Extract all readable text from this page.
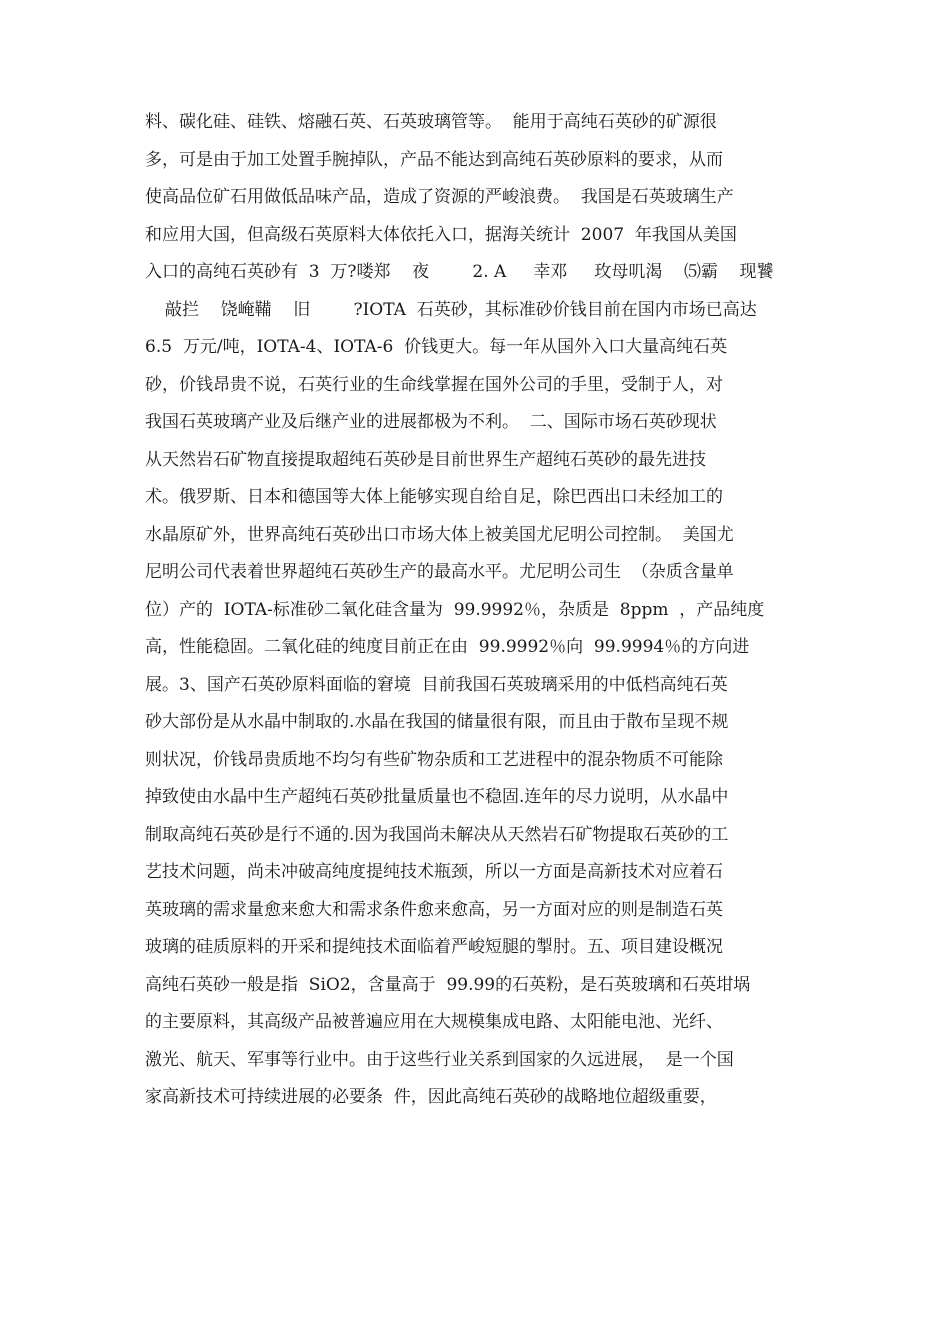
料、碳化硅、硅铁、熔融石英、石英玻璃管等。  能用于高纯石英砂的矿源很
多，可是由于加工处置手腕掉队，产品不能达到高纯石英砂原料的要求，从而
使高品位矿石用做低品味产品，造成了资源的严峻浪费。  我国是石英玻璃生产
和应用大国，但高级石英原料大体依托入口，据海关统计  2007  年我国从美国
入口的高纯石英砂有  3  万?喽郑    夜        2. A     幸邓     玫母叽渴    ⑸霸    现饕
敲拦    饶崦鞴    旧        ?IOTA  石英砂，其标准砂价钱目前在国内市场已高达
6.5  万元/吨，IOTA-4、IOTA-6  价钱更大。每一年从国外入口大量高纯石英
砂，价钱昂贵不说，石英行业的生命线掌握在国外公司的手里，受制于人，对
我国石英玻璃产业及后继产业的进展都极为不利。  二、国际市场石英砂现状
从天然岩石矿物直接提取超纯石英砂是目前世界生产超纯石英砂的最先进技
术。俄罗斯、日本和德国等大体上能够实现自给自足，除巴西出口未经加工的
水晶原矿外，世界高纯石英砂出口市场大体上被美国尤尼明公司控制。  美国尤
尼明公司代表着世界超纯石英砂生产的最高水平。尤尼明公司生  （杂质含量单
位）产的  IOTA-标准砂二氧化硅含量为  99.9992％，杂质是  8ppm  ，产品纯度
高，性能稳固。二氧化硅的纯度目前正在由  99.9992％向  99.9994％的方向进
展。3、国产石英砂原料面临的窘境  目前我国石英玻璃采用的中低档高纯石英
砂大部份是从水晶中制取的.水晶在我国的储量很有限，而且由于散布呈现不规
则状况，价钱昂贵质地不均匀有些矿物杂质和工艺进程中的混杂物质不可能除
掉致使由水晶中生产超纯石英砂批量质量也不稳固.连年的尽力说明，从水晶中
制取高纯石英砂是行不通的.因为我国尚未解决从天然岩石矿物提取石英砂的工
艺技术问题，尚未冲破高纯度提纯技术瓶颈，所以一方面是高新技术对应着石
英玻璃的需求量愈来愈大和需求条件愈来愈高，另一方面对应的则是制造石英
玻璃的硅质原料的开采和提纯技术面临着严峻短腿的掣肘。五、项目建设概况
高纯石英砂一般是指  SiO2，含量高于  99.99的石英粉，是石英玻璃和石英坩埚
的主要原料，其高级产品被普遍应用在大规模集成电路、太阳能电池、光纤、
激光、航天、军事等行业中。由于这些行业关系到国家的久远进展，  是一个国
家高新技术可持续进展的必要条  件，因此高纯石英砂的战略地位超级重要，
